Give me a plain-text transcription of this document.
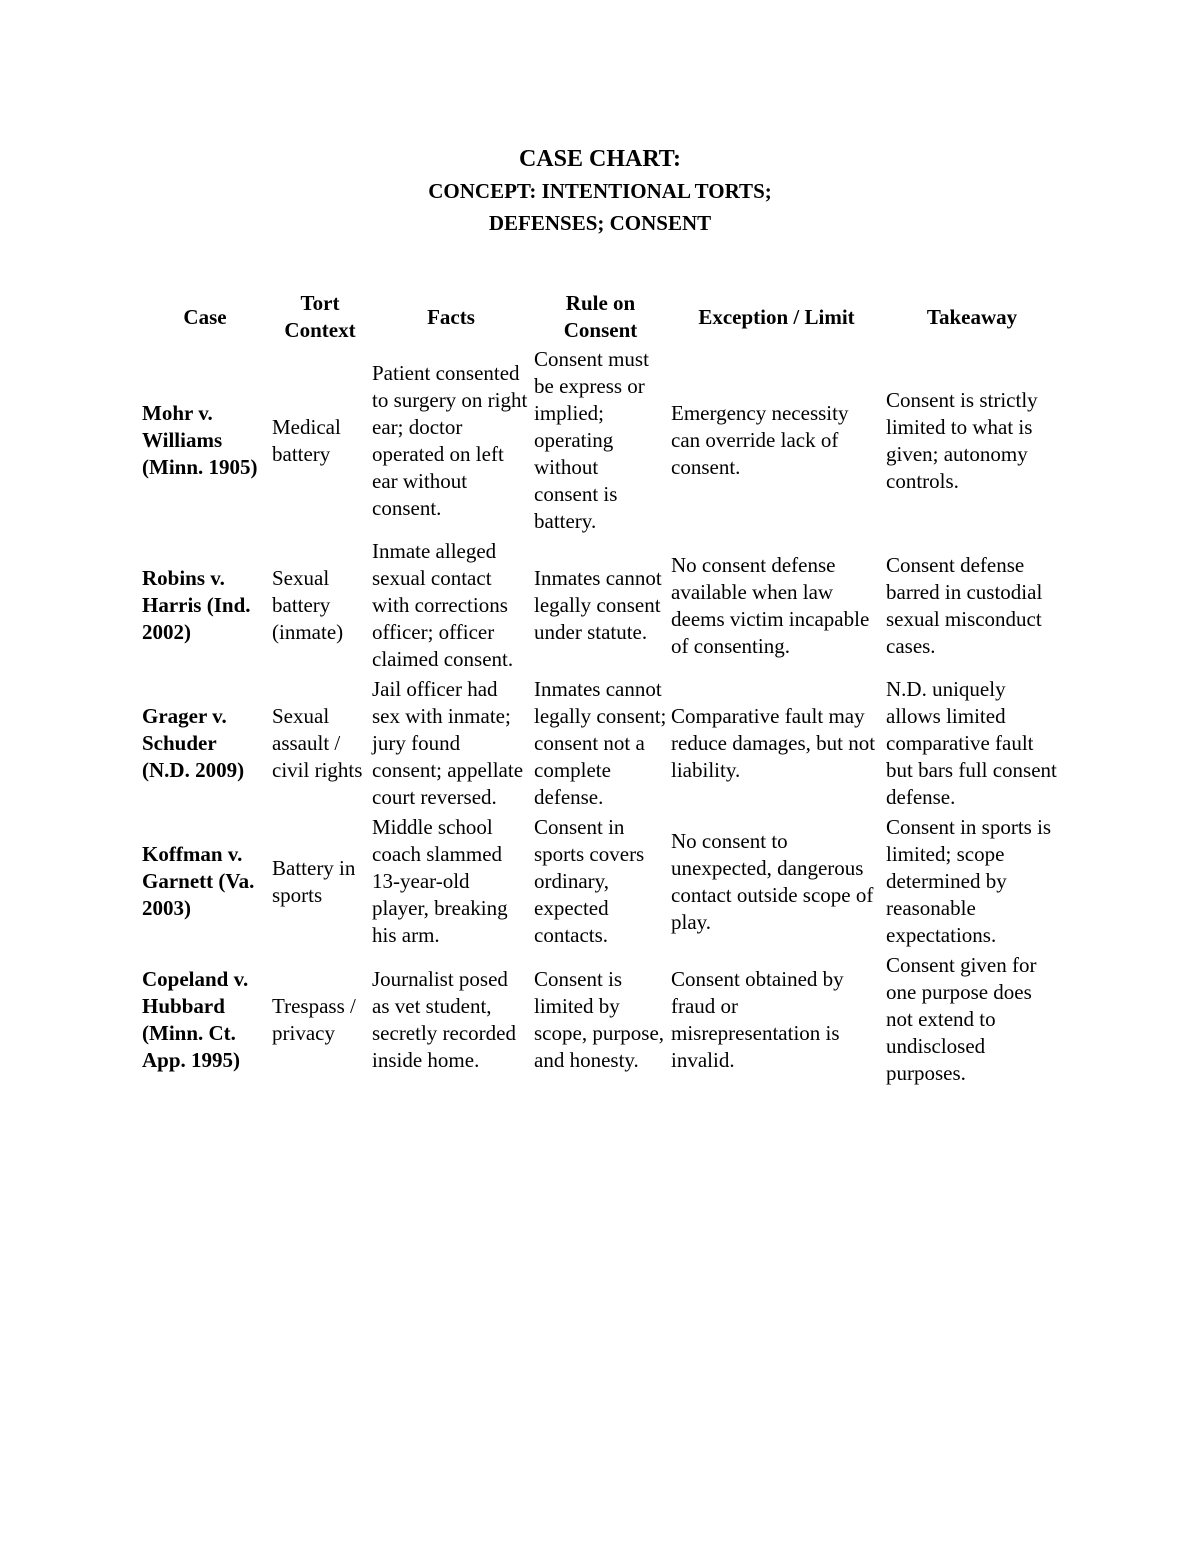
CASE CHART:
CONCEPT: INTENTIONAL TORTS;
DEFENSES; CONSENT
Case	Tort Context	Facts	Rule on Consent	Exception / Limit	Takeaway
Mohr v. Williams (Minn. 1905)	Medical battery	Patient consented to surgery on right ear; doctor operated on left ear without consent.	Consent must be express or implied; operating without consent is battery.	Emergency necessity can override lack of consent.	Consent is strictly limited to what is given; autonomy controls.
Robins v. Harris (Ind. 2002)	Sexual battery (inmate)	Inmate alleged sexual contact with corrections officer; officer claimed consent.	Inmates cannot legally consent under statute.	No consent defense available when law deems victim incapable of consenting.	Consent defense barred in custodial sexual misconduct cases.
Grager v. Schuder (N.D. 2009)	Sexual assault / civil rights	Jail officer had sex with inmate; jury found consent; appellate court reversed.	Inmates cannot legally consent; consent not a complete defense.	Comparative fault may reduce damages, but not liability.	N.D. uniquely allows limited comparative fault but bars full consent defense.
Koffman v. Garnett (Va. 2003)	Battery in sports	Middle school coach slammed 13-year-old player, breaking his arm.	Consent in sports covers ordinary, expected contacts.	No consent to unexpected, dangerous contact outside scope of play.	Consent in sports is limited; scope determined by reasonable expectations.
Copeland v. Hubbard (Minn. Ct. App. 1995)	Trespass / privacy	Journalist posed as vet student, secretly recorded inside home.	Consent is limited by scope, purpose, and honesty.	Consent obtained by fraud or misrepresentation is invalid.	Consent given for one purpose does not extend to undisclosed purposes.
